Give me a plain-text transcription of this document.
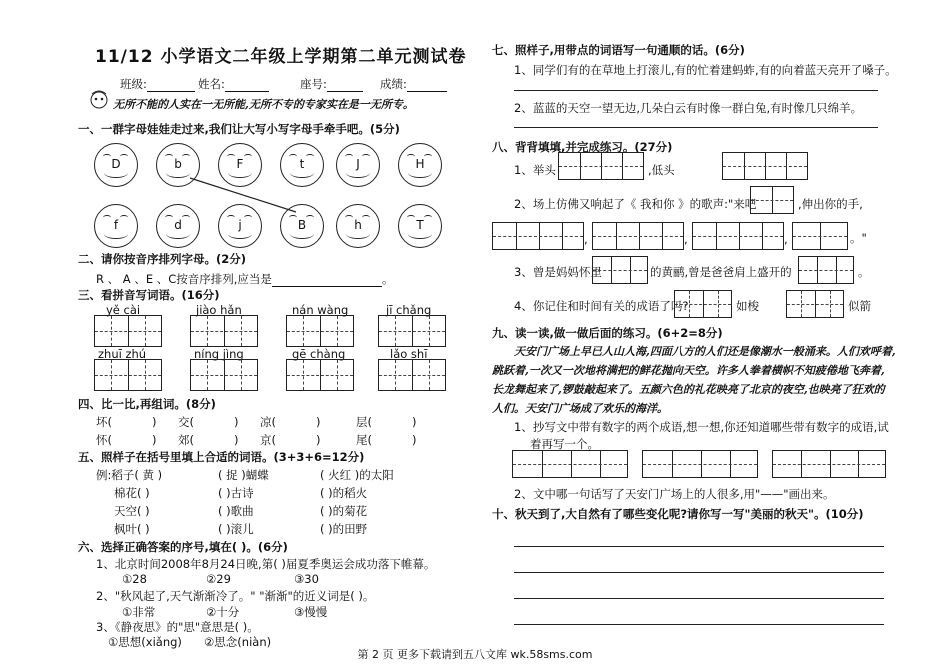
11/12 小学语文二年级上学期第二单元测试卷
班级:	姓名:	座号:	成绩:
无所不能的人实在一无所能,无所不专的专家实在是一无所专。
一、一群字母娃娃走过来,我们让大写小写字母手牵手吧。(5分)
D	b	F	t	J	H
f	d	j	B	h	T
二、请你按音序排列字母。(2分)
R 、 A 、E 、C按音序排列,应当是	。
三、看拼音写词语。(16分)
yě cài	jiào hǎn	nán wàng	jī chǎng
zhuī zhú	níng jìng	gē chàng	lǎo shī
四、比一比,再组词。(8分)
坏(	) 交(	) 凉(	)	层(	)
怀(	) 郊(	) 京(	)	尾(	)
五、照样子在括号里填上合适的词语。(3+3+6=12分)
例:稻子( 黄 )	( 捉 )蝴蝶	( 火红 )的太阳
棉花( )	( )古诗	( )的稻火
天空( )	( )歌曲	( )的菊花
枫叶( )	( )滚儿	( )的田野
六、选择正确答案的序号,填在( )。(6分)
1、北京时间2008年8月24日晚,第( )届夏季奥运会成功落下帷幕。
①28	②29	③30
2、"秋风起了,天气渐渐冷了。" "渐渐"的近义词是( )。
①非常	②十分	③慢慢
3、《静夜思》的"思"意思是( )。
①思想(xiǎng) ②思念(niàn)
七、照样子,用带点的词语写一句通顺的话。(6分)
1、同学们有的在草地上打滚儿,有的忙着建蚂蚱,有的向着蓝天亮开了嗓子。
2、蓝蓝的天空一望无边,几朵白云有时像一群白兔,有时像几只绵羊。
八、背背填填,并完成练习。(27分)
1、举头	,低头
2、场上仿佛又响起了《 我和你 》的歌声:"来吧	,伸出你的手,
,	,	,	。"
3、曾是妈妈怀里	的黄鹂,曾是爸爸肩上盛开的	。
4、你记住和时间有关的成语了吗?	如梭	似箭
九、读一读,做一做后面的练习。(6+2=8分)
天安门广场上早已人山人海,四面八方的人们还是像潮水一般涌来。人们欢呼着,
跳跃着,一次又一次地将满把的鲜花抛向天空。许多人拳着横帜不知疲倦地飞奔着,
长龙舞起来了,锣鼓敲起来了。五颜六色的礼花映亮了北京的夜空,也映亮了狂欢的
人们。天安门广场成了欢乐的海洋。
1、抄写文中带有数字的两个成语,想一想,你还知道哪些带有数字的成语,试
着再写一个。
2、文中哪一句话写了天安门广场上的人很多,用"——"画出来。
十、秋天到了,大自然有了哪些变化呢?请你写一写"美丽的秋天"。(10分)
第 2 页 更多下载请到五八文库 wk.58sms.com
